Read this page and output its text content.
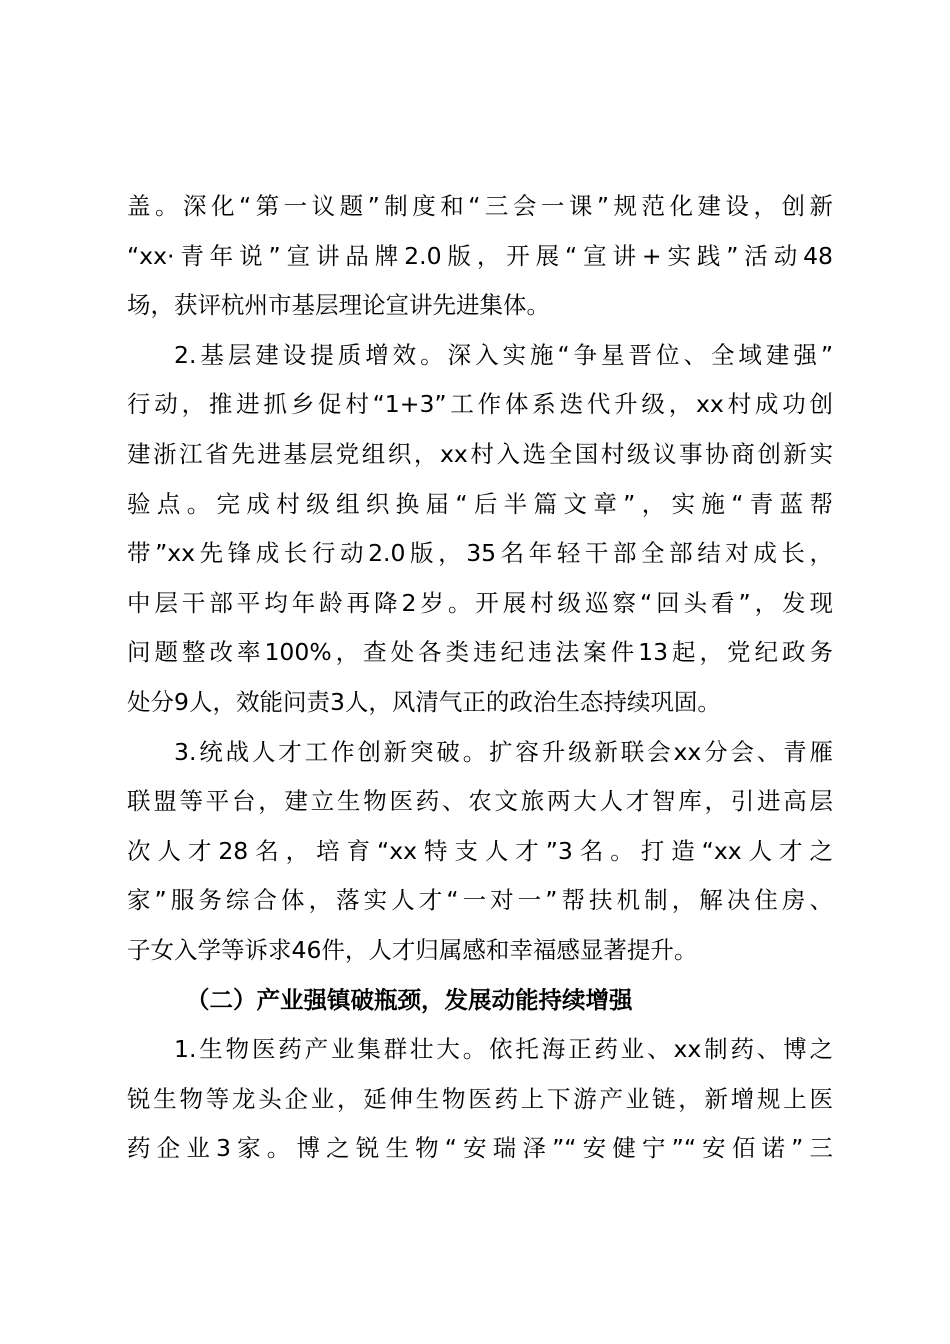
盖。深化“第一议题”制度和“三会一课”规范化建设，创新
“xx·青年说”宣讲品牌2.0版，开展“宣讲+实践”活动48
场，获评杭州市基层理论宣讲先进集体。
2.基层建设提质增效。深入实施“争星晋位、全域建强”
行动，推进抓乡促村“1+3”工作体系迭代升级，xx村成功创
建浙江省先进基层党组织，xx村入选全国村级议事协商创新实
验点。完成村级组织换届“后半篇文章”，实施“青蓝帮
带”xx先锋成长行动2.0版，35名年轻干部全部结对成长，
中层干部平均年龄再降2岁。开展村级巡察“回头看”，发现
问题整改率100%，查处各类违纪违法案件13起，党纪政务
处分9人，效能问责3人，风清气正的政治生态持续巩固。
3.统战人才工作创新突破。扩容升级新联会xx分会、青雁
联盟等平台，建立生物医药、农文旅两大人才智库，引进高层
次人才28名，培育“xx特支人才”3名。打造“xx人才之
家”服务综合体，落实人才“一对一”帮扶机制，解决住房、
子女入学等诉求46件，人才归属感和幸福感显著提升。
（二）产业强镇破瓶颈，发展动能持续增强
1.生物医药产业集群壮大。依托海正药业、xx制药、博之
锐生物等龙头企业，延伸生物医药上下游产业链，新增规上医
药企业3家。博之锐生物“安瑞泽”“安健宁”“安佰诺”三
